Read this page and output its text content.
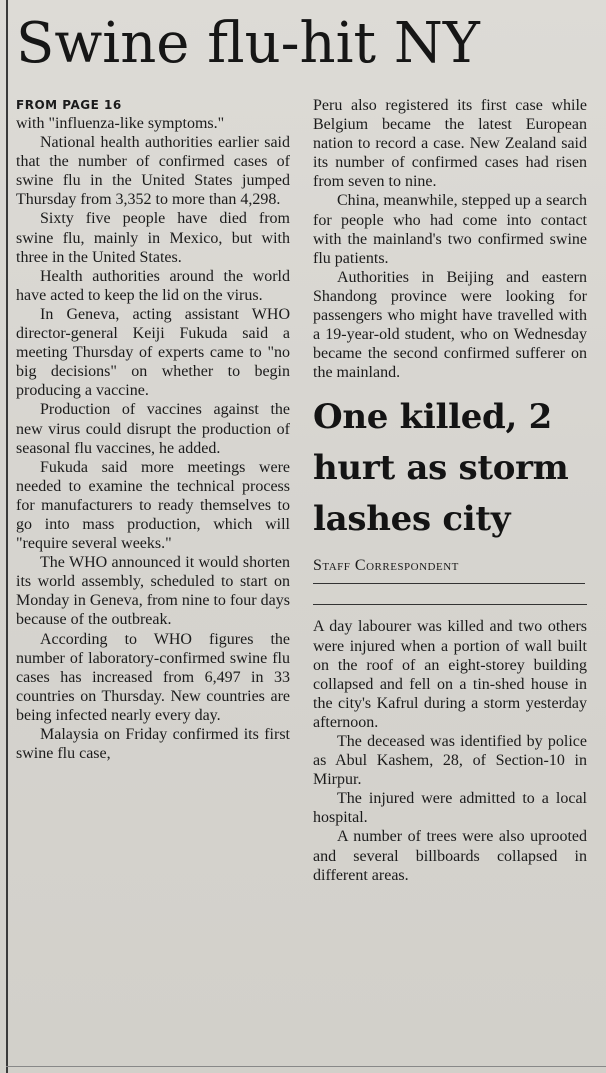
Swine flu-hit NY
FROM PAGE 16

with "influenza-like symptoms."

National health authorities earlier said that the number of confirmed cases of swine flu in the United States jumped Thursday from 3,352 to more than 4,298.

Sixty five people have died from swine flu, mainly in Mexico, but with three in the United States.

Health authorities around the world have acted to keep the lid on the virus.

In Geneva, acting assistant WHO director-general Keiji Fukuda said a meeting Thursday of experts came to "no big decisions" on whether to begin producing a vaccine.

Production of vaccines against the new virus could disrupt the production of seasonal flu vaccines, he added.

Fukuda said more meetings were needed to examine the technical process for manufacturers to ready themselves to go into mass production, which will "require several weeks."

The WHO announced it would shorten its world assembly, scheduled to start on Monday in Geneva, from nine to four days because of the outbreak.

According to WHO figures the number of laboratory-confirmed swine flu cases has increased from 6,497 in 33 countries on Thursday. New countries are being infected nearly every day.

Malaysia on Friday confirmed its first swine flu case,

Peru also registered its first case while Belgium became the latest European nation to record a case. New Zealand said its number of confirmed cases had risen from seven to nine.

China, meanwhile, stepped up a search for people who had come into contact with the mainland's two confirmed swine flu patients.

Authorities in Beijing and eastern Shandong province were looking for passengers who might have travelled with a 19-year-old student, who on Wednesday became the second confirmed sufferer on the mainland.

One killed, 2 hurt as storm lashes city
Staff Correspondent

A day labourer was killed and two others were injured when a portion of wall built on the roof of an eight-storey building collapsed and fell on a tin-shed house in the city's Kafrul during a storm yesterday afternoon.

The deceased was identified by police as Abul Kashem, 28, of Section-10 in Mirpur.

The injured were admitted to a local hospital.

A number of trees were also uprooted and several billboards collapsed in different areas.
